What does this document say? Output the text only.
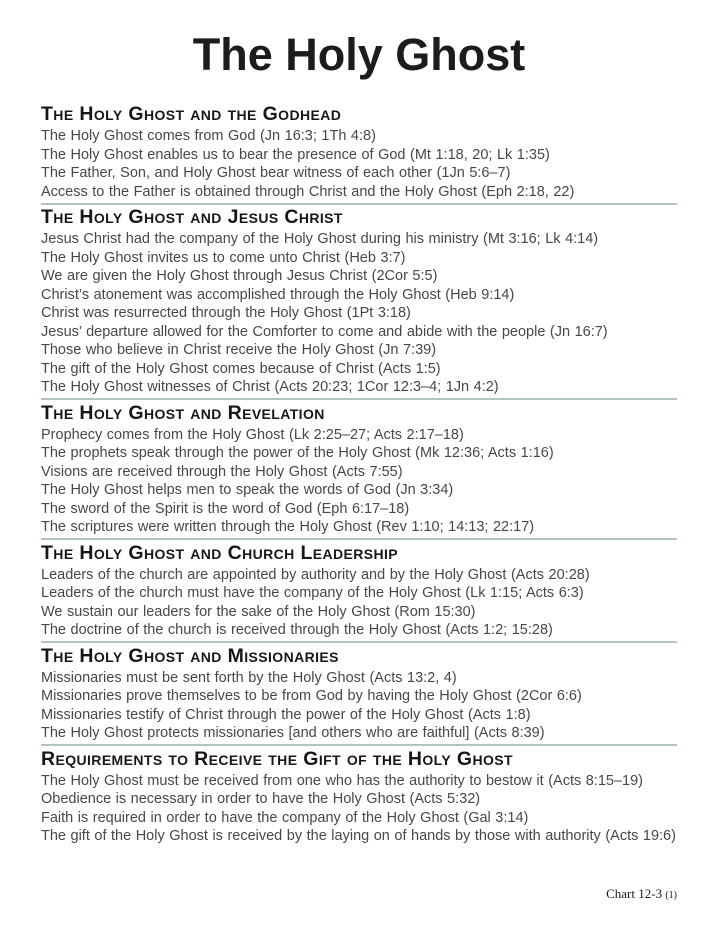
The Holy Ghost
The Holy Ghost and the Godhead

The Holy Ghost comes from God (Jn 16:3; 1Th 4:8)

The Holy Ghost enables us to bear the presence of God (Mt 1:18, 20; Lk 1:35)

The Father, Son, and Holy Ghost bear witness of each other (1Jn 5:6–7)

Access to the Father is obtained through Christ and the Holy Ghost (Eph 2:18, 22)

The Holy Ghost and Jesus Christ

Jesus Christ had the company of the Holy Ghost during his ministry (Mt 3:16; Lk 4:14)

The Holy Ghost invites us to come unto Christ (Heb 3:7)

We are given the Holy Ghost through Jesus Christ (2Cor 5:5)

Christ’s atonement was accomplished through the Holy Ghost (Heb 9:14)

Christ was resurrected through the Holy Ghost (1Pt 3:18)

Jesus’ departure allowed for the Comforter to come and abide with the people (Jn 16:7)

Those who believe in Christ receive the Holy Ghost (Jn 7:39)

The gift of the Holy Ghost comes because of Christ (Acts 1:5)

The Holy Ghost witnesses of Christ (Acts 20:23; 1Cor 12:3–4; 1Jn 4:2)

The Holy Ghost and Revelation

Prophecy comes from the Holy Ghost (Lk 2:25–27; Acts 2:17–18)

The prophets speak through the power of the Holy Ghost (Mk 12:36; Acts 1:16)

Visions are received through the Holy Ghost (Acts 7:55)

The Holy Ghost helps men to speak the words of God (Jn 3:34)

The sword of the Spirit is the word of God (Eph 6:17–18)

The scriptures were written through the Holy Ghost (Rev 1:10; 14:13; 22:17)

The Holy Ghost and Church Leadership

Leaders of the church are appointed by authority and by the Holy Ghost (Acts 20:28)

Leaders of the church must have the company of the Holy Ghost (Lk 1:15; Acts 6:3)

We sustain our leaders for the sake of the Holy Ghost (Rom 15:30)

The doctrine of the church is received through the Holy Ghost (Acts 1:2; 15:28)

The Holy Ghost and Missionaries

Missionaries must be sent forth by the Holy Ghost (Acts 13:2, 4)

Missionaries prove themselves to be from God by having the Holy Ghost (2Cor 6:6)

Missionaries testify of Christ through the power of the Holy Ghost (Acts 1:8)

The Holy Ghost protects missionaries [and others who are faithful] (Acts 8:39)

Requirements to Receive the Gift of the Holy Ghost

The Holy Ghost must be received from one who has the authority to bestow it (Acts 8:15–19)

Obedience is necessary in order to have the Holy Ghost (Acts 5:32)

Faith is required in order to have the company of the Holy Ghost (Gal 3:14)

The gift of the Holy Ghost is received by the laying on of hands by those with authority (Acts 19:6)

Chart 12-3 (1)
